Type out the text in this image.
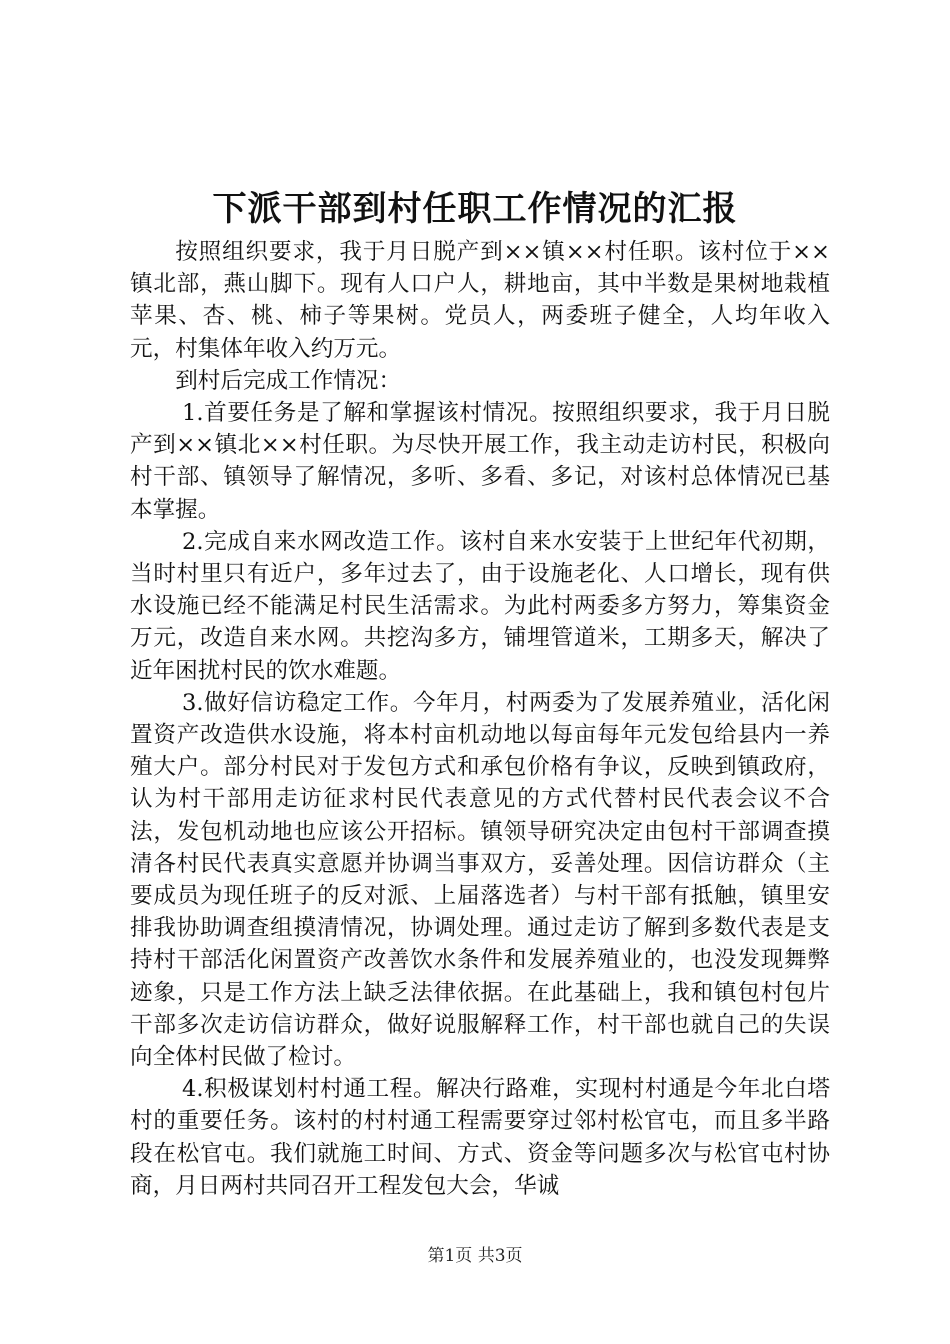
下派干部到村任职工作情况的汇报

按照组织要求，我于月日脱产到××镇××村任职。该村位于××镇北部，燕山脚下。现有人口户人，耕地亩，其中半数是果树地栽植苹果、杏、桃、柿子等果树。党员人，两委班子健全，人均年收入元，村集体年收入约万元。

到村后完成工作情况：

1.首要任务是了解和掌握该村情况。按照组织要求，我于月日脱产到××镇北××村任职。为尽快开展工作，我主动走访村民，积极向村干部、镇领导了解情况，多听、多看、多记，对该村总体情况已基本掌握。

2.完成自来水网改造工作。该村自来水安装于上世纪年代初期，当时村里只有近户，多年过去了，由于设施老化、人口增长，现有供水设施已经不能满足村民生活需求。为此村两委多方努力，筹集资金万元，改造自来水网。共挖沟多方，铺埋管道米，工期多天，解决了近年困扰村民的饮水难题。

3.做好信访稳定工作。今年月，村两委为了发展养殖业，活化闲置资产改造供水设施，将本村亩机动地以每亩每年元发包给县内一养殖大户。部分村民对于发包方式和承包价格有争议，反映到镇政府，认为村干部用走访征求村民代表意见的方式代替村民代表会议不合法，发包机动地也应该公开招标。镇领导研究决定由包村干部调查摸清各村民代表真实意愿并协调当事双方，妥善处理。因信访群众（主要成员为现任班子的反对派、上届落选者）与村干部有抵触，镇里安排我协助调查组摸清情况，协调处理。通过走访了解到多数代表是支持村干部活化闲置资产改善饮水条件和发展养殖业的，也没发现舞弊迹象，只是工作方法上缺乏法律依据。在此基础上，我和镇包村包片干部多次走访信访群众，做好说服解释工作，村干部也就自己的失误向全体村民做了检讨。

4.积极谋划村村通工程。解决行路难，实现村村通是今年北白塔村的重要任务。该村的村村通工程需要穿过邻村松官屯，而且多半路段在松官屯。我们就施工时间、方式、资金等问题多次与松官屯村协商，月日两村共同召开工程发包大会，华诚

第1页 共3页
